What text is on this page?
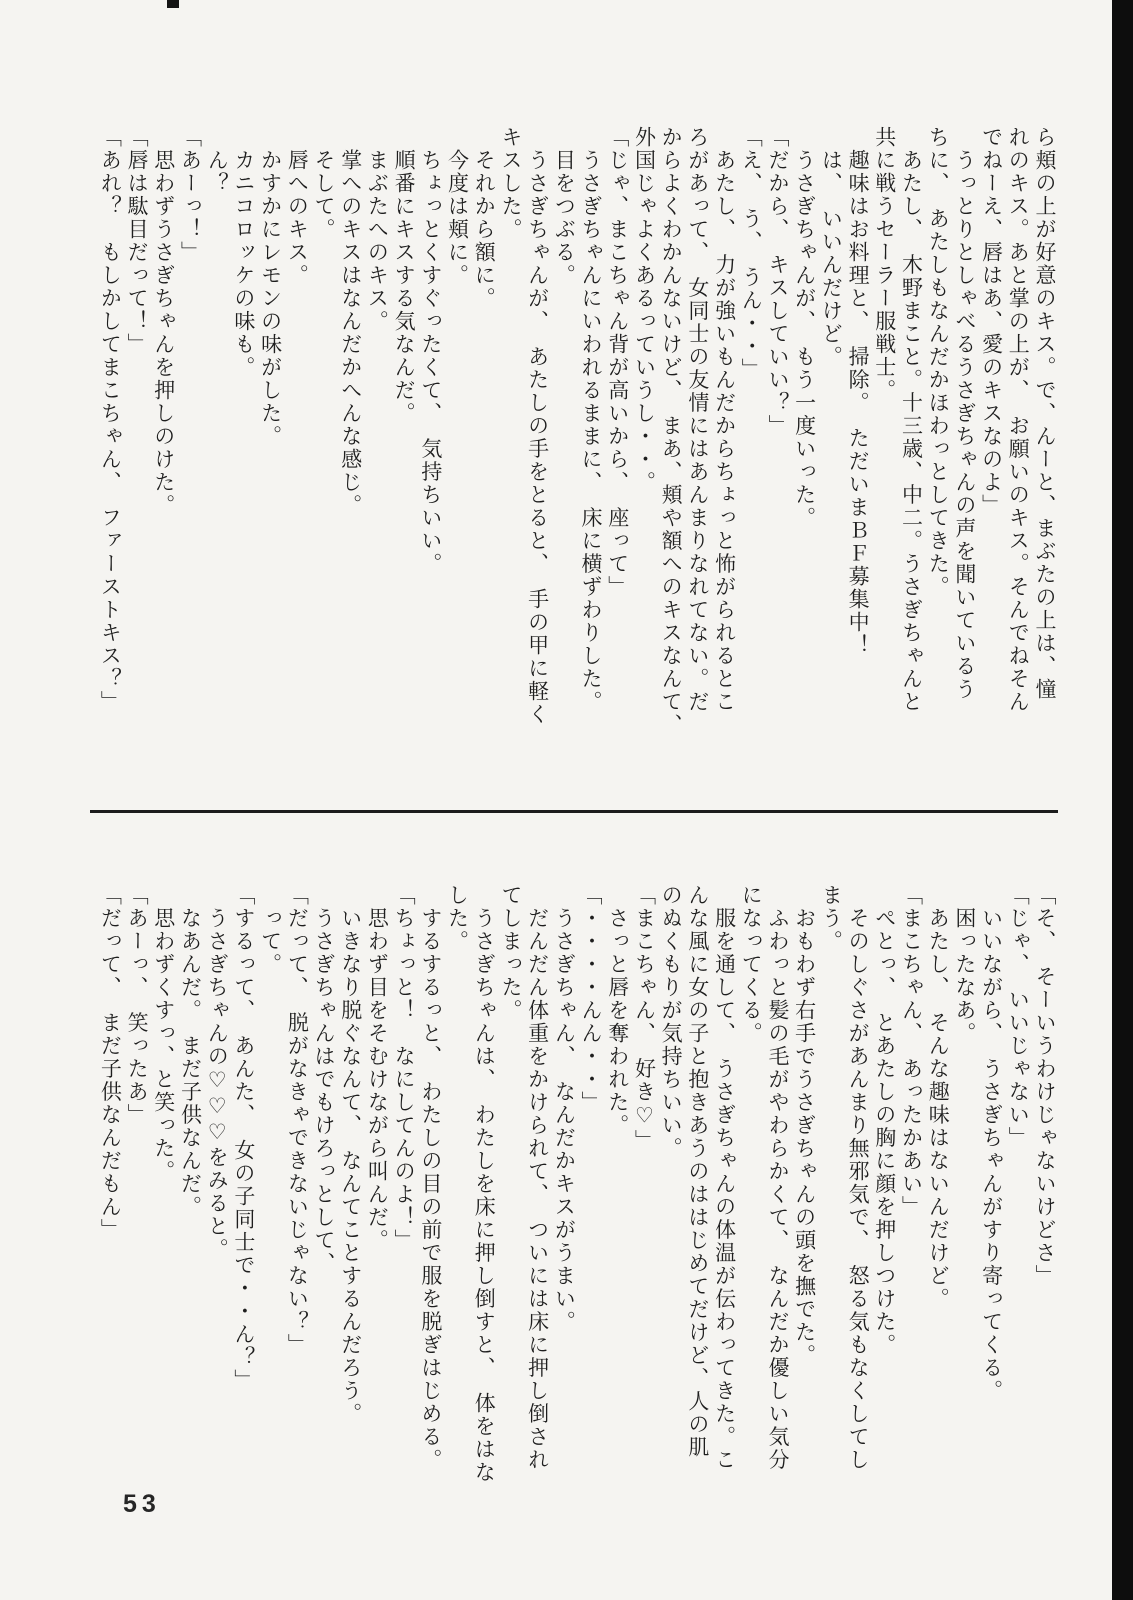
ら頬の上が好意のキス。で、んーと、まぶたの上は、憧
れのキス。あと掌の上が、　お願いのキス。そんでねそん
でねーえ、唇はあ、愛のキスなのよ」
　うっとりとしゃべるうさぎちゃんの声を聞いているう
ちに、　あたしもなんだかほわっとしてきた。
　あたし、　木野まこと。十三歳、中二。うさぎちゃんと
共に戦うセーラー服戦士。
　趣味はお料理と、　掃除。　ただいまＢＦ募集中！
　は、　いいんだけど。
　うさぎちゃんが、　もう一度いった。
「だから、　キスしていい？」
「え、　う、　うん・・」
　あたし、　力が強いもんだからちょっと怖がられるとこ
ろがあって、　女同士の友情にはあんまりなれてない。だ
からよくわかんないけど、　まあ、頬や額へのキスなんて、
外国じゃよくあるっていうし・・。
「じゃ、まこちゃん背が高いから、　座って」
　うさぎちゃんにいわれるままに、　床に横ずわりした。
　目をつぶる。
　うさぎちゃんが、　あたしの手をとると、　手の甲に軽く
キスした。
　それから額に。
　今度は頬に。
　ちょっとくすぐったくて、　気持ちいい。
　順番にキスする気なんだ。
　まぶたへのキス。
　掌へのキスはなんだかへんな感じ。
　そして。
　唇へのキス。
　かすかにレモンの味がした。
　カニコロッケの味も。
　ん？
「あーっ！」
　思わずうさぎちゃんを押しのけた。
「唇は駄目だって！」
「あれ？　もしかしてまこちゃん、　ファーストキス？」
「そ、　そーいうわけじゃないけどさ」
「じゃ、　いいじゃない」
　いいながら、　うさぎちゃんがすり寄ってくる。
　困ったなあ。
　あたし、　そんな趣味はないんだけど。
「まこちゃん、　あったかあい」
　ぺとっ、　とあたしの胸に顔を押しつけた。
　そのしぐさがあんまり無邪気で、　怒る気もなくしてし
まう。
　おもわず右手でうさぎちゃんの頭を撫でた。
　ふわっと髪の毛がやわらかくて、　なんだか優しい気分
になってくる。
　服を通して、　うさぎちゃんの体温が伝わってきた。こ
んな風に女の子と抱きあうのははじめてだけど、人の肌
のぬくもりが気持ちいい。
「まこちゃん、　好き♡」
　さっと唇を奪われた。
「・・・・んん・・」
　うさぎちゃん、　なんだかキスがうまい。
　だんだん体重をかけられて、　ついには床に押し倒され
てしまった。
　うさぎちゃんは、　わたしを床に押し倒すと、　体をはな
した。
　するするっと、　わたしの目の前で服を脱ぎはじめる。
「ちょっと！　なにしてんのよ！」
　思わず目をそむけながら叫んだ。
　いきなり脱ぐなんて、　なんてことするんだろう。
　うさぎちゃんはでもけろっとして、
「だって、　脱がなきゃできないじゃない？」
　って。
「するって、　あんた、　女の子同士で・・ん？」
　うさぎちゃんの♡♡♡をみると。
　なあんだ。　まだ子供なんだ。
　思わずくすっ、と笑った。
「あーっ、　笑ったあ」
「だって、　まだ子供なんだもん」
53
